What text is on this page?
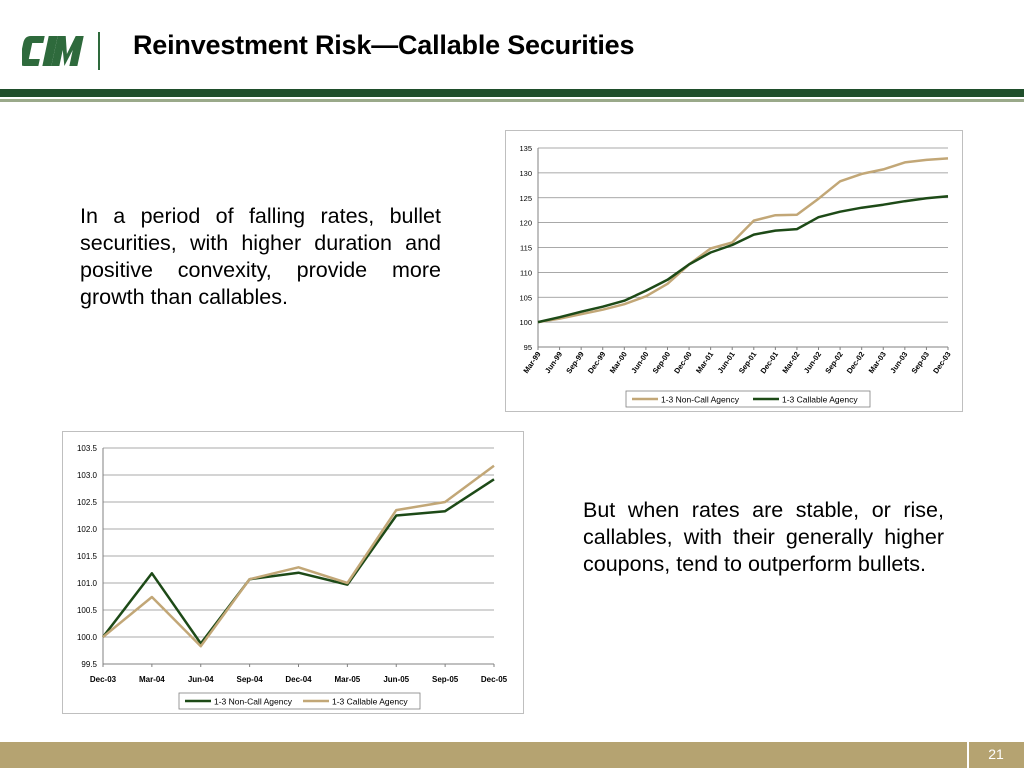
Reinvestment Risk—Callable Securities
In a period of falling rates, bullet securities, with higher duration and positive convexity, provide more growth than callables.
But when rates are stable, or rise, callables, with their generally higher coupons, tend to outperform bullets.
135
130
125
120
115
110
105
100
95
Mar-99 Jun-99 Sep-99 Dec-99 Mar-00 Jun-00 Sep-00 Dec-00 Mar-01 Jun-01 Sep-01 Dec-01 Mar-02 Jun-02 Sep-02 Dec-02 Mar-03 Jun-03 Sep-03 Dec-03
1-3 Non-Call Agency	1-3 Callable Agency
103.5
103.0
102.5
102.0
101.5
101.0
100.5
100.0
99.5
Dec-03	Mar-04	Jun-04	Sep-04	Dec-04	Mar-05	Jun-05	Sep-05	Dec-05
1-3 Non-Call Agency	1-3 Callable Agency
21
